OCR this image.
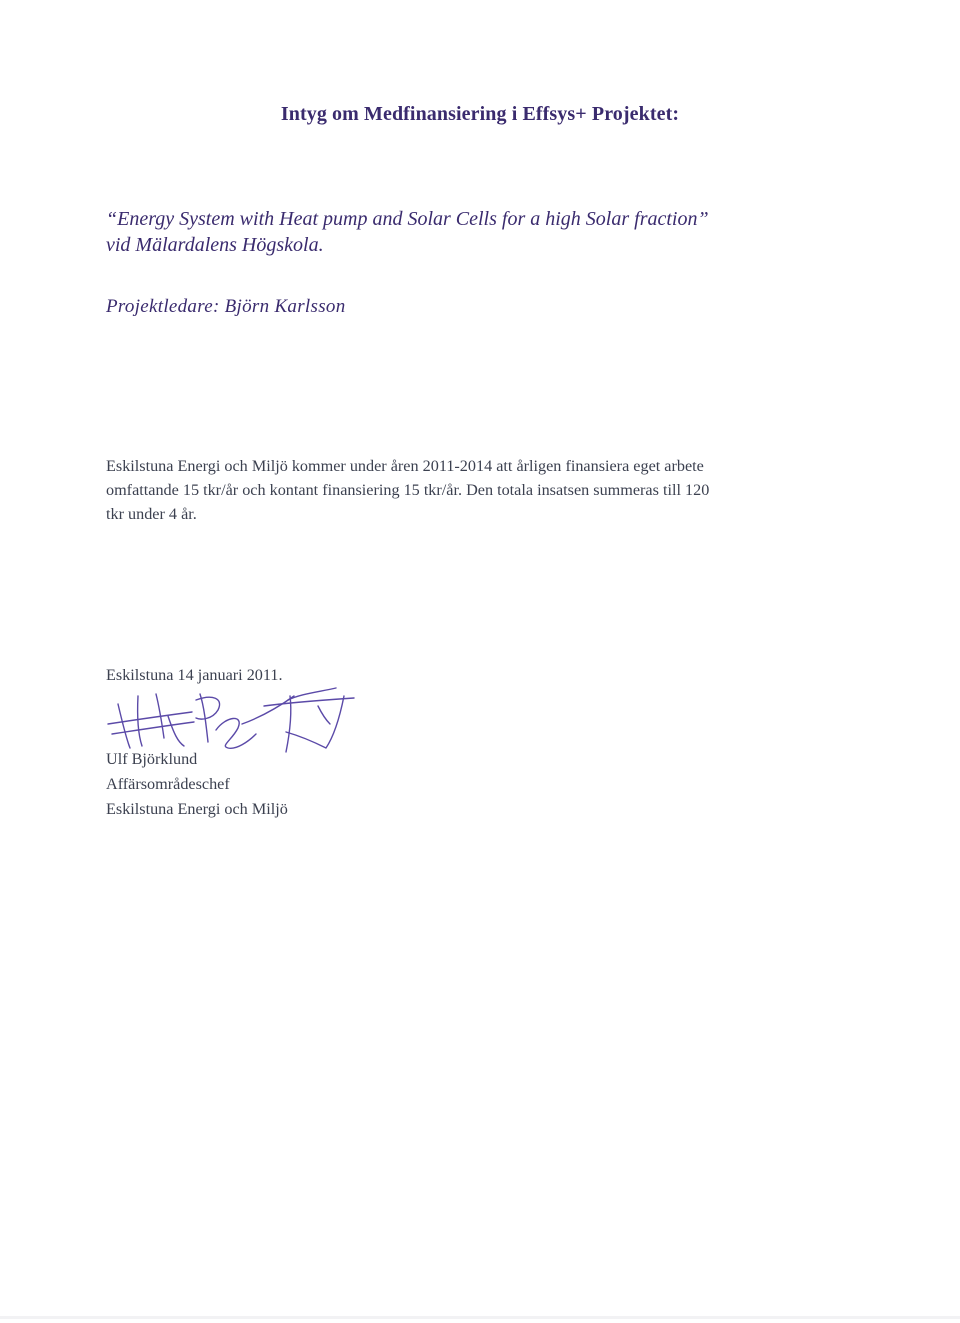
Intyg om Medfinansiering i Effsys+ Projektet:
“Energy System with Heat pump and Solar Cells for a high Solar fraction”
vid Mälardalens Högskola.
Projektledare: Björn Karlsson
Eskilstuna Energi och Miljö kommer under åren 2011-2014 att årligen finansiera eget arbete
omfattande 15 tkr/år och kontant finansiering 15 tkr/år. Den totala insatsen summeras till 120
tkr under 4 år.
Eskilstuna 14 januari 2011.
Ulf Björklund
Affärsområdeschef
Eskilstuna Energi och Miljö
